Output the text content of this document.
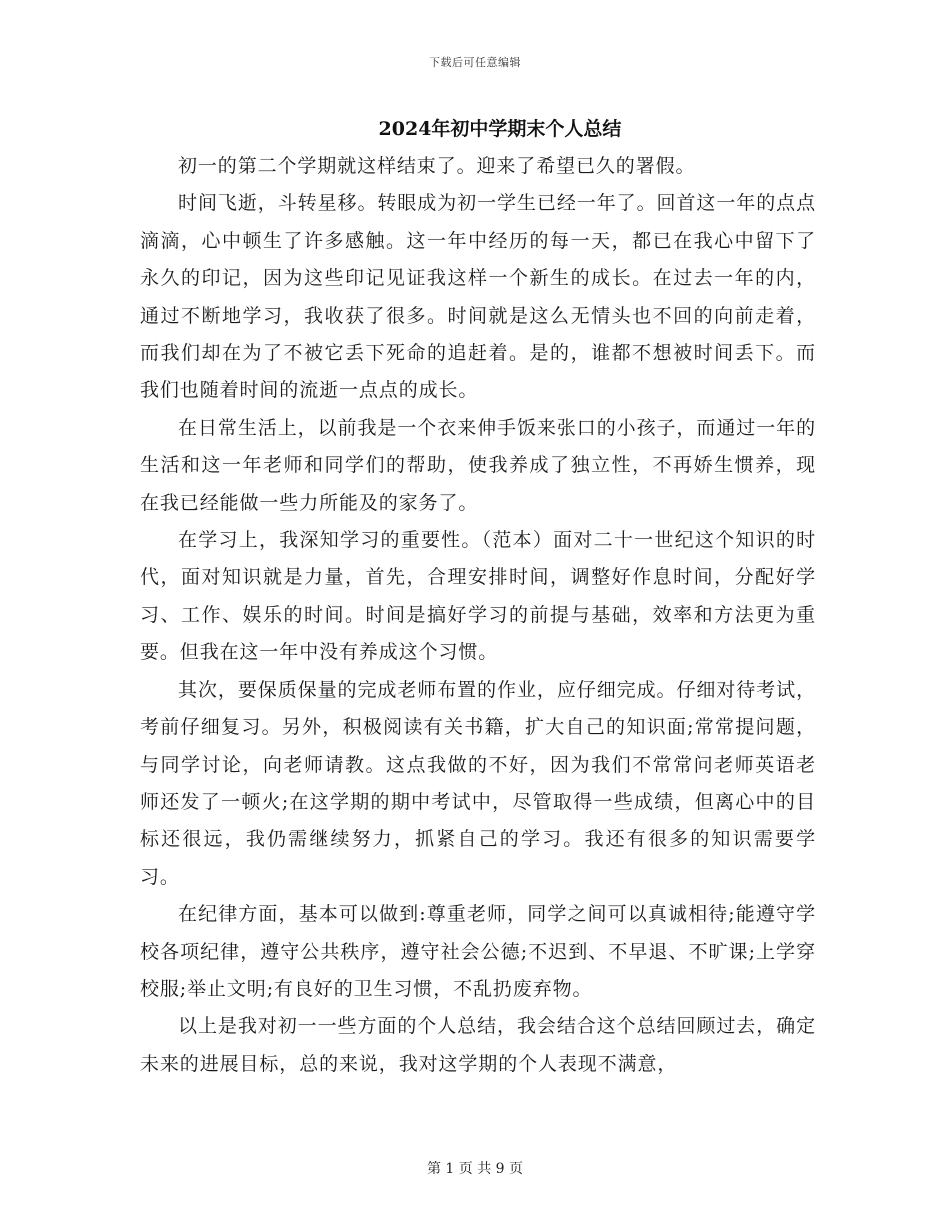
下载后可任意编辑
2024年初中学期末个人总结

初一的第二个学期就这样结束了。迎来了希望已久的署假。

时间飞逝，斗转星移。转眼成为初一学生已经一年了。回首这一年的点点滴滴，心中顿生了许多感触。这一年中经历的每一天，都已在我心中留下了永久的印记，因为这些印记见证我这样一个新生的成长。在过去一年的内，通过不断地学习，我收获了很多。时间就是这么无情头也不回的向前走着，而我们却在为了不被它丢下死命的追赶着。是的，谁都不想被时间丢下。而我们也随着时间的流逝一点点的成长。

在日常生活上，以前我是一个衣来伸手饭来张口的小孩子，而通过一年的生活和这一年老师和同学们的帮助，使我养成了独立性，不再娇生惯养，现在我已经能做一些力所能及的家务了。

在学习上，我深知学习的重要性。（范本）面对二十一世纪这个知识的时代，面对知识就是力量，首先，合理安排时间，调整好作息时间，分配好学习、工作、娱乐的时间。时间是搞好学习的前提与基础，效率和方法更为重要。但我在这一年中没有养成这个习惯。

其次，要保质保量的完成老师布置的作业，应仔细完成。仔细对待考试，考前仔细复习。另外，积极阅读有关书籍，扩大自己的知识面;常常提问题，与同学讨论，向老师请教。这点我做的不好，因为我们不常常问老师英语老师还发了一顿火;在这学期的期中考试中，尽管取得一些成绩，但离心中的目标还很远，我仍需继续努力，抓紧自己的学习。我还有很多的知识需要学习。

在纪律方面，基本可以做到:尊重老师，同学之间可以真诚相待;能遵守学校各项纪律，遵守公共秩序，遵守社会公德;不迟到、不早退、不旷课;上学穿校服;举止文明;有良好的卫生习惯，不乱扔废弃物。

以上是我对初一一些方面的个人总结，我会结合这个总结回顾过去，确定未来的进展目标，总的来说，我对这学期的个人表现不满意，

第 1 页 共 9 页
